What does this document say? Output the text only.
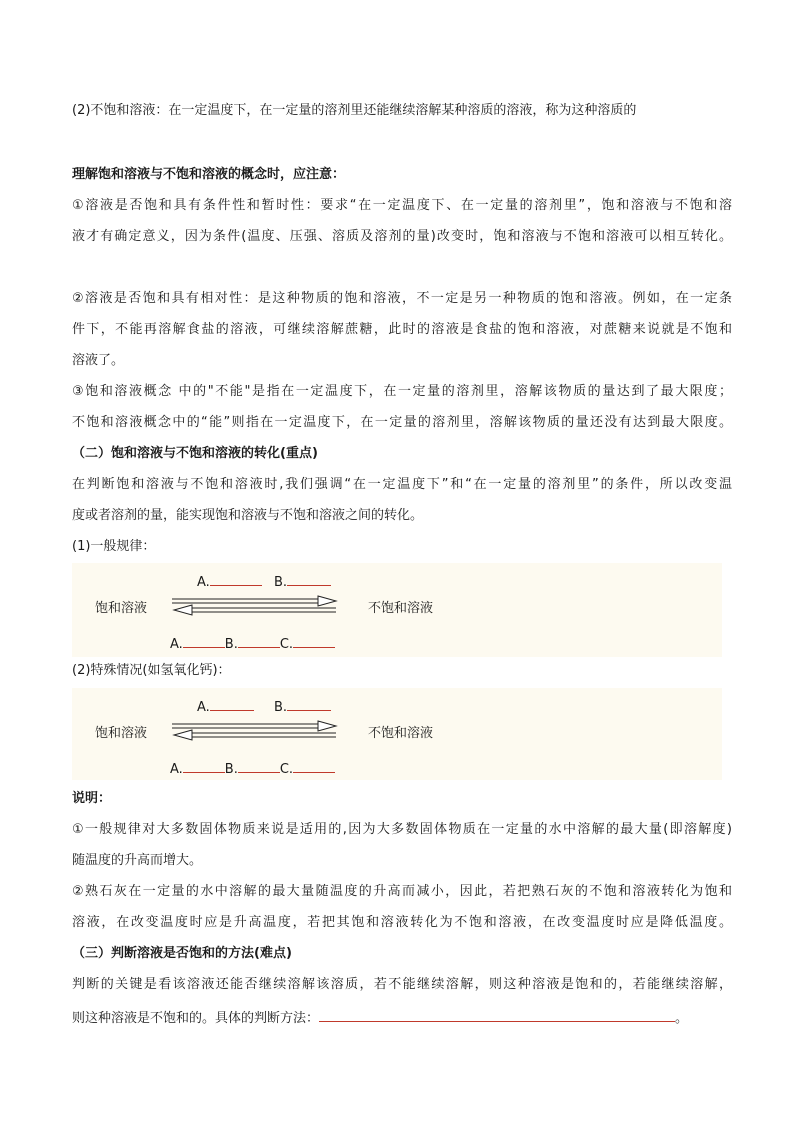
(2)不饱和溶液：在一定温度下，在一定量的溶剂里还能继续溶解某种溶质的溶液，称为这种溶质的
理解饱和溶液与不饱和溶液的概念时，应注意：
①溶液是否饱和具有条件性和暂时性：要求“在一定温度下、在一定量的溶剂里”，饱和溶液与不饱和溶
液才有确定意义，因为条件(温度、压强、溶质及溶剂的量)改变时，饱和溶液与不饱和溶液可以相互转化。
②溶液是否饱和具有相对性：是这种物质的饱和溶液，不一定是另一种物质的饱和溶液。例如，在一定条
件下，不能再溶解食盐的溶液，可继续溶解蔗糖，此时的溶液是食盐的饱和溶液，对蔗糖来说就是不饱和
溶液了。
③饱和溶液概念 中的"不能"是指在一定温度下，在一定量的溶剂里，溶解该物质的量达到了最大限度；
不饱和溶液概念中的“能”则指在一定温度下，在一定量的溶剂里，溶解该物质的量还没有达到最大限度。
（二）饱和溶液与不饱和溶液的转化(重点)
在判断饱和溶液与不饱和溶液时,我们强调“在一定温度下”和“在一定量的溶剂里”的条件，所以改变温
度或者溶剂的量，能实现饱和溶液与不饱和溶液之间的转化。
(1)一般规律：
A.	B.
饱和溶液	不饱和溶液
A.	B.	C.
(2)特殊情况(如氢氧化钙)：
A.	B.
饱和溶液	不饱和溶液
A.	B.	C.
说明：
①一般规律对大多数固体物质来说是适用的,因为大多数固体物质在一定量的水中溶解的最大量(即溶解度)
随温度的升高而增大。
②熟石灰在一定量的水中溶解的最大量随温度的升高而减小，因此，若把熟石灰的不饱和溶液转化为饱和
溶液，在改变温度时应是升高温度，若把其饱和溶液转化为不饱和溶液，在改变温度时应是降低温度。
（三）判断溶液是否饱和的方法(难点)
判断的关键是看该溶液还能否继续溶解该溶质，若不能继续溶解，则这种溶液是饱和的，若能继续溶解，
则这种溶液是不饱和的。具体的判断方法：	。
